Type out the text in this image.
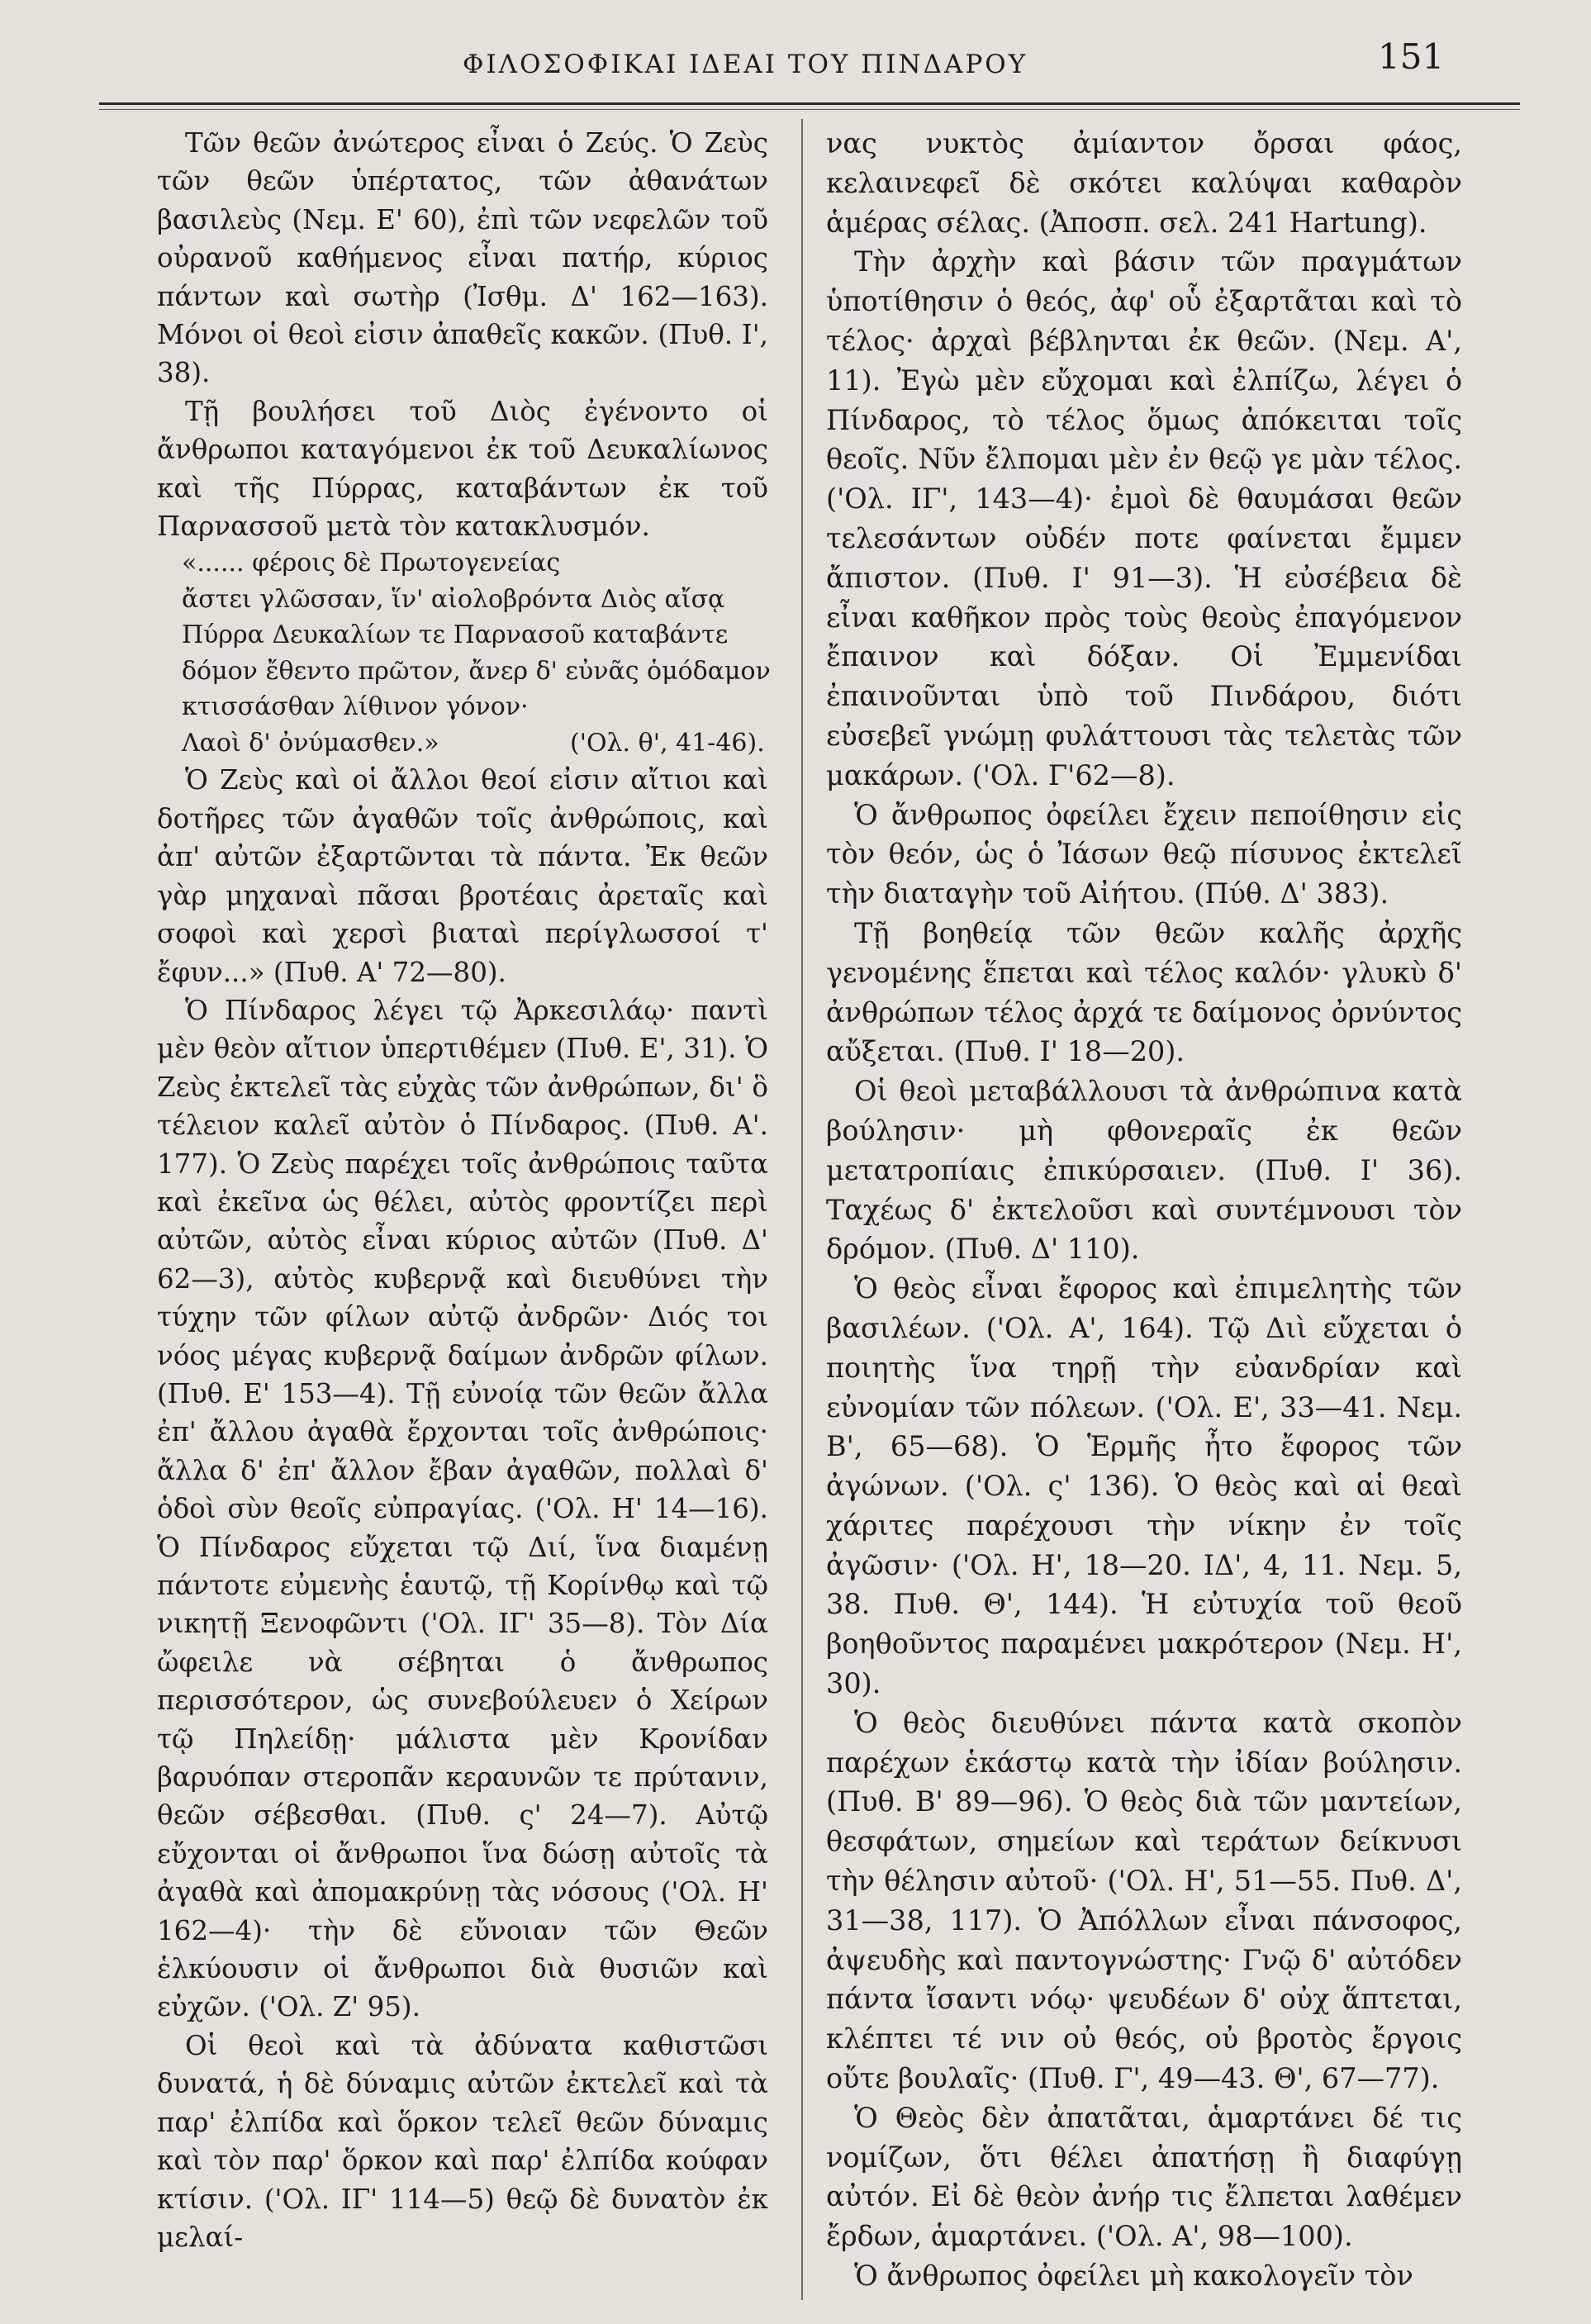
ΦΙΛΟΣΟΦΙΚΑΙ ΙΔΕΑΙ ΤΟΥ ΠΙΝΔΑΡΟΥ	151

Τῶν θεῶν ἀνώτερος εἶναι ὁ Ζεύς. Ὁ Ζεὺς τῶν θεῶν ὑπέρτατος, τῶν ἀθανάτων βασιλεὺς (Νεμ. Ε' 60), ἐπὶ τῶν νεφελῶν τοῦ οὐρανοῦ καθήμενος εἶναι πατήρ, κύριος πάντων καὶ σωτὴρ (Ἰσθμ. Δ' 162—163). Μόνοι οἱ θεοὶ εἰσιν ἀπαθεῖς κακῶν. (Πυθ. Ι', 38).

Τῇ βουλήσει τοῦ Διὸς ἐγένοντο οἱ ἄνθρωποι καταγόμενοι ἐκ τοῦ Δευκαλίωνος καὶ τῆς Πύρρας, καταβάντων ἐκ τοῦ Παρνασσοῦ μετὰ τὸν κατακλυσμόν.

«...... φέροις δὲ Πρωτογενείας
ἄστει γλῶσσαν, ἵν' αἰολοβρόντα Διὸς αἴσᾳ
Πύρρα Δευκαλίων τε Παρνασοῦ καταβάντε
δόμον ἔθεντο πρῶτον, ἄνερ δ' εὐνᾶς ὁμόδαμον
κτισσάσθαν λίθινον γόνον·
Λαοὶ δ' ὀνύμασθεν.»	('Ολ. θ', 41-46).

Ὁ Ζεὺς καὶ οἱ ἄλλοι θεοί εἰσιν αἴτιοι καὶ δοτῆρες τῶν ἀγαθῶν τοῖς ἀνθρώποις, καὶ ἀπ' αὐτῶν ἐξαρτῶνται τὰ πάντα. Ἐκ θεῶν γὰρ μηχαναὶ πᾶσαι βροτέαις ἀρεταῖς καὶ σοφοὶ καὶ χερσὶ βιαταὶ περίγλωσσοί τ' ἔφυν...» (Πυθ. Α' 72—80).

Ὁ Πίνδαρος λέγει τῷ Ἀρκεσιλάῳ· παντὶ μὲν θεὸν αἴτιον ὑπερτιθέμεν (Πυθ. Ε', 31). Ὁ Ζεὺς ἐκτελεῖ τὰς εὐχὰς τῶν ἀνθρώπων, δι' ὃ τέλειον καλεῖ αὐτὸν ὁ Πίνδαρος. (Πυθ. Α'. 177). Ὁ Ζεὺς παρέχει τοῖς ἀνθρώποις ταῦτα καὶ ἐκεῖνα ὡς θέλει, αὐτὸς φροντίζει περὶ αὐτῶν, αὐτὸς εἶναι κύριος αὐτῶν (Πυθ. Δ' 62—3), αὐτὸς κυβερνᾷ καὶ διευθύνει τὴν τύχην τῶν φίλων αὐτῷ ἀνδρῶν· Διός τοι νόος μέγας κυβερνᾷ δαίμων ἀνδρῶν φίλων. (Πυθ. Ε' 153—4). Τῇ εὐνοίᾳ τῶν θεῶν ἄλλα ἐπ' ἄλλου ἀγαθὰ ἔρχονται τοῖς ἀνθρώποις· ἄλλα δ' ἐπ' ἄλλον ἔβαν ἀγαθῶν, πολλαὶ δ' ὁδοὶ σὺν θεοῖς εὐπραγίας. ('Ολ. Η' 14—16). Ὁ Πίνδαρος εὔχεται τῷ Διί, ἵνα διαμένῃ πάντοτε εὐμενὴς ἑαυτῷ, τῇ Κορίνθῳ καὶ τῷ νικητῇ Ξενοφῶντι ('Ολ. ΙΓ' 35—8). Τὸν Δία ὤφειλε νὰ σέβηται ὁ ἄνθρωπος περισσότερον, ὡς συνεβούλευεν ὁ Χείρων τῷ Πηλείδῃ· μάλιστα μὲν Κρονίδαν βαρυόπαν στεροπᾶν κεραυνῶν τε πρύτανιν, θεῶν σέβεσθαι. (Πυθ. ς' 24—7). Αὐτῷ εὔχονται οἱ ἄνθρωποι ἵνα δώσῃ αὐτοῖς τὰ ἀγαθὰ καὶ ἀπομακρύνῃ τὰς νόσους ('Ολ. Η' 162—4)· τὴν δὲ εὔνοιαν τῶν Θεῶν ἑλκύουσιν οἱ ἄνθρωποι διὰ θυσιῶν καὶ εὐχῶν. ('Ολ. Ζ' 95).

Οἱ θεοὶ καὶ τὰ ἀδύνατα καθιστῶσι δυνατά, ἡ δὲ δύναμις αὐτῶν ἐκτελεῖ καὶ τὰ παρ' ἐλπίδα καὶ ὅρκον τελεῖ θεῶν δύναμις καὶ τὸν παρ' ὅρκον καὶ παρ' ἐλπίδα κούφαν κτίσιν. ('Ολ. ΙΓ' 114—5) θεῷ δὲ δυνατὸν ἐκ μελαί-

νας νυκτὸς ἀμίαντον ὄρσαι φάος, κελαινεφεῖ δὲ σκότει καλύψαι καθαρὸν ἁμέρας σέλας. (Ἀποσπ. σελ. 241 Hartung).

Τὴν ἀρχὴν καὶ βάσιν τῶν πραγμάτων ὑποτίθησιν ὁ θεός, ἀφ' οὗ ἐξαρτᾶται καὶ τὸ τέλος· ἀρχαὶ βέβληνται ἐκ θεῶν. (Νεμ. Α', 11). Ἐγὼ μὲν εὔχομαι καὶ ἐλπίζω, λέγει ὁ Πίνδαρος, τὸ τέλος ὅμως ἀπόκειται τοῖς θεοῖς. Νῦν ἔλπομαι μὲν ἐν θεῷ γε μὰν τέλος. ('Ολ. ΙΓ', 143—4)· ἐμοὶ δὲ θαυμάσαι θεῶν τελεσάντων οὐδέν ποτε φαίνεται ἔμμεν ἄπιστον. (Πυθ. Ι' 91—3). Ἡ εὐσέβεια δὲ εἶναι καθῆκον πρὸς τοὺς θεοὺς ἐπαγόμενον ἔπαινον καὶ δόξαν. Οἱ Ἐμμενίδαι ἐπαινοῦνται ὑπὸ τοῦ Πινδάρου, διότι εὐσεβεῖ γνώμῃ φυλάττουσι τὰς τελετὰς τῶν μακάρων. ('Ολ. Γ'62—8).

Ὁ ἄνθρωπος ὀφείλει ἔχειν πεποίθησιν εἰς τὸν θεόν, ὡς ὁ Ἰάσων θεῷ πίσυνος ἐκτελεῖ τὴν διαταγὴν τοῦ Αἰήτου. (Πύθ. Δ' 383).

Τῇ βοηθείᾳ τῶν θεῶν καλῆς ἀρχῆς γενομένης ἕπεται καὶ τέλος καλόν· γλυκὺ δ' ἀνθρώπων τέλος ἀρχά τε δαίμονος ὀρνύντος αὔξεται. (Πυθ. Ι' 18—20).

Οἱ θεοὶ μεταβάλλουσι τὰ ἀνθρώπινα κατὰ βούλησιν· μὴ φθονεραῖς ἐκ θεῶν μετατροπίαις ἐπικύρσαιεν. (Πυθ. Ι' 36). Ταχέως δ' ἐκτελοῦσι καὶ συντέμνουσι τὸν δρόμον. (Πυθ. Δ' 110).

Ὁ θεὸς εἶναι ἔφορος καὶ ἐπιμελητὴς τῶν βασιλέων. ('Ολ. Α', 164). Τῷ Διὶ εὔχεται ὁ ποιητὴς ἵνα τηρῇ τὴν εὐανδρίαν καὶ εὐνομίαν τῶν πόλεων. ('Ολ. Ε', 33—41. Νεμ. Β', 65—68). Ὁ Ἑρμῆς ἦτο ἔφορος τῶν ἀγώνων. ('Ολ. ς' 136). Ὁ θεὸς καὶ αἱ θεαὶ χάριτες παρέχουσι τὴν νίκην ἐν τοῖς ἀγῶσιν· ('Ολ. Η', 18—20. ΙΔ', 4, 11. Νεμ. 5, 38. Πυθ. Θ', 144). Ἡ εὐτυχία τοῦ θεοῦ βοηθοῦντος παραμένει μακρότερον (Νεμ. Η', 30).

Ὁ θεὸς διευθύνει πάντα κατὰ σκοπὸν παρέχων ἑκάστῳ κατὰ τὴν ἰδίαν βούλησιν. (Πυθ. Β' 89—96). Ὁ θεὸς διὰ τῶν μαντείων, θεσφάτων, σημείων καὶ τεράτων δείκνυσι τὴν θέλησιν αὐτοῦ· ('Ολ. Η', 51—55. Πυθ. Δ', 31—38, 117). Ὁ Ἀπόλλων εἶναι πάνσοφος, ἀψευδὴς καὶ παντογνώστης· Γνῷ δ' αὐτόδεν πάντα ἴσαντι νόῳ· ψευδέων δ' οὐχ ἅπτεται, κλέπτει τέ νιν οὐ θεός, οὐ βροτὸς ἔργοις οὔτε βουλαῖς· (Πυθ. Γ', 49—43. Θ', 67—77).

Ὁ Θεὸς δὲν ἀπατᾶται, ἁμαρτάνει δέ τις νομίζων, ὅτι θέλει ἀπατήσῃ ἢ διαφύγῃ αὐτόν. Εἰ δὲ θεὸν ἀνήρ τις ἔλπεται λαθέμεν ἔρδων, ἁμαρτάνει. ('Ολ. Α', 98—100).

Ὁ ἄνθρωπος ὀφείλει μὴ κακολογεῖν τὸν
